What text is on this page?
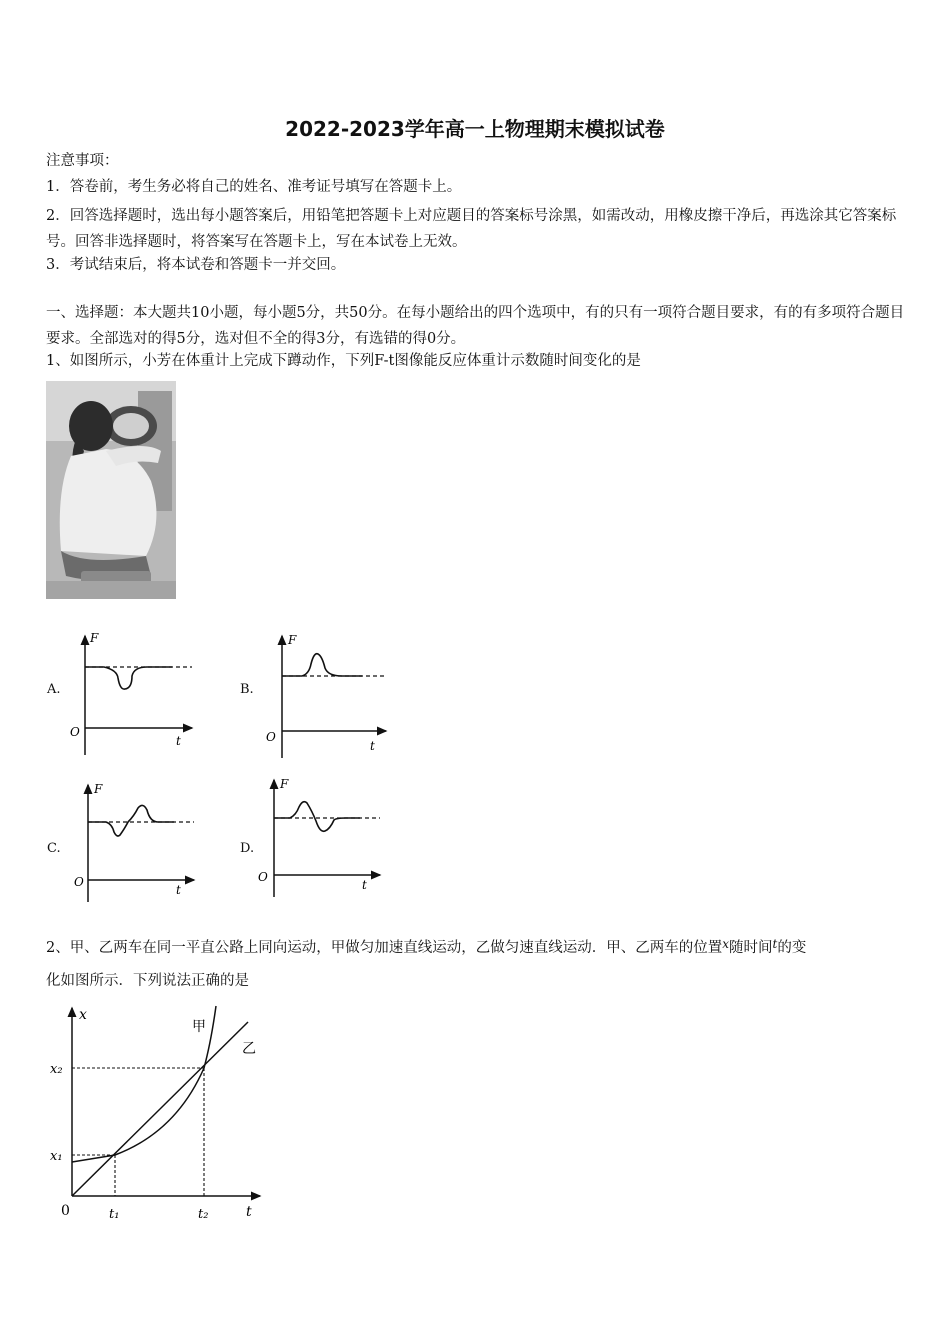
2022-2023学年高一上物理期末模拟试卷
注意事项：
1．答卷前，考生务必将自己的姓名、准考证号填写在答题卡上。
2．回答选择题时，选出每小题答案后，用铅笔把答题卡上对应题目的答案标号涂黑，如需改动，用橡皮擦干净后，再选涂其它答案标号。回答非选择题时，将答案写在答题卡上，写在本试卷上无效。
3．考试结束后，将本试卷和答题卡一并交回。
一、选择题：本大题共10小题，每小题5分，共50分。在每小题给出的四个选项中，有的只有一项符合题目要求，有的有多项符合题目要求。全部选对的得5分，选对但不全的得3分，有选错的得0分。
1、如图所示，小芳在体重计上完成下蹲动作，下列F-t图像能反应体重计示数随时间变化的是
A.
F
t
O
B.
F
t
O
C.
F
t
O
D.
F
t
O
2、甲、乙两车在同一平直公路上同向运动，甲做匀加速直线运动，乙做匀速直线运动．甲、乙两车的位置$^x$随时间$^t$的变
化如图所示．下列说法正确的是
x
t
0
x₂
x₁
t₁	t₂
甲
乙
